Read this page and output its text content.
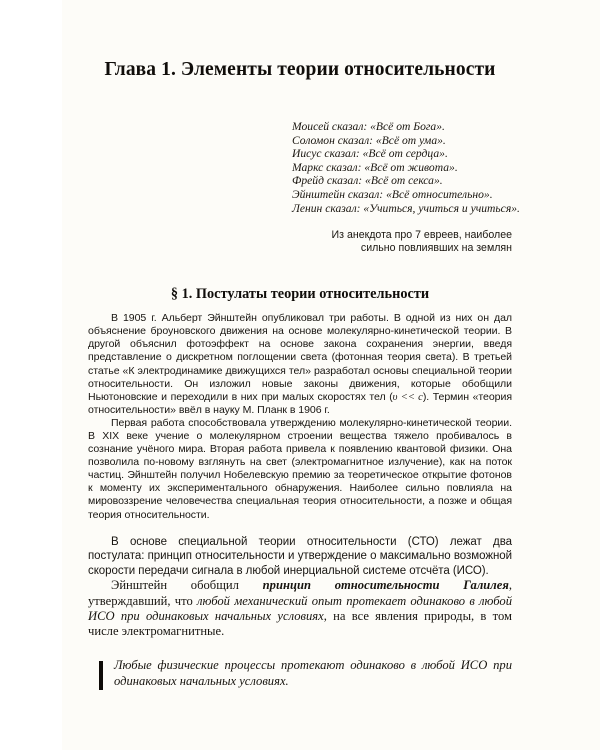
Глава 1. Элементы теории относительности
Моисей сказал: «Всё от Бога».
Соломон сказал: «Всё от ума».
Иисус сказал: «Всё от сердца».
Маркс сказал: «Всё от живота».
Фрейд сказал: «Всё от секса».
Эйнштейн сказал: «Всё относительно».
Ленин сказал: «Учиться, учиться и учиться».
Из анекдота про 7 евреев, наиболее
сильно повлиявших на землян
§ 1. Постулаты теории относительности

В 1905 г. Альберт Эйнштейн опубликовал три работы. В одной из них он дал объяснение броуновского движения на основе молекулярно-кинетической теории. В другой объяснил фотоэффект на основе закона сохранения энергии, введя представление о дискретном поглощении света (фотонная теория света). В третьей статье «К электродинамике движущихся тел» разработал основы специальной теории относительности. Он изложил новые законы движения, которые обобщили Ньютоновские и переходили в них при малых скоростях тел (υ << c). Термин «теория относительности» ввёл в науку М. Планк в 1906 г.

Первая работа способствовала утверждению молекулярно-кинетической теории. В XIX веке учение о молекулярном строении вещества тяжело пробивалось в сознание учёного мира. Вторая работа привела к появлению квантовой физики. Она позволила по-новому взглянуть на свет (электромагнитное излучение), как на поток частиц. Эйнштейн получил Нобелевскую премию за теоретическое открытие фотонов к моменту их экспериментального обнаружения. Наиболее сильно повлияла на мировоззрение человечества специальная теория относительности, а позже и общая теория относительности.

В основе специальной теории относительности (СТО) лежат два постулата: принцип относительности и утверждение о максимально возможной скорости передачи сигнала в любой инерциальной системе отсчёта (ИСО).

Эйнштейн обобщил принцип относительности Галилея, утверждавший, что любой механический опыт протекает одинаково в любой ИСО при одинаковых начальных условиях, на все явления природы, в том числе электромагнитные.

Любые физические процессы протекают одинаково в любой ИСО при одинаковых начальных условиях.
